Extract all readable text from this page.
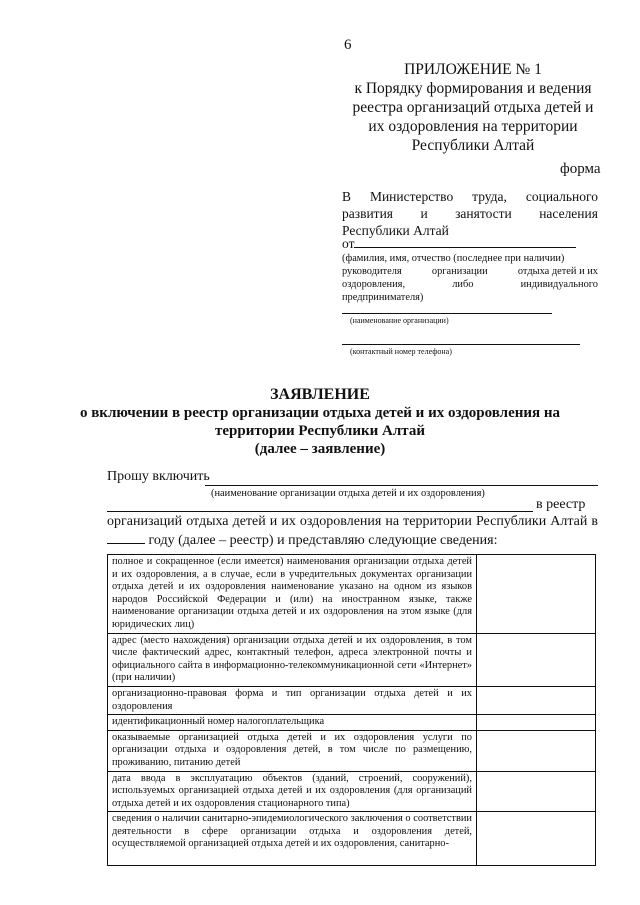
6
ПРИЛОЖЕНИЕ № 1
к Порядку формирования и ведения
реестра организаций отдыха детей и
их оздоровления на территории
Республики Алтай
форма
В Министерство труда, социального
развития и занятости населения
Республики Алтай
от
(фамилия, имя, отчество (последнее при наличии)
руководителя	организации	отдыха детей и их
оздоровления,	либо	индивидуального
предпринимателя)
(наименование организации)
(контактный номер телефона)
ЗАЯВЛЕНИЕ
о включении в реестр организации отдыха детей и их оздоровления на
территории Республики Алтай
(далее – заявление)
Прошу включить
(наименование организации отдыха детей и их оздоровления)
в реестр
организаций отдыха детей и их оздоровления на территории Республики Алтай в
году (далее – реестр) и представляю следующие сведения:
полное и сокращенное (если имеется) наименования организации отдыха детей и их оздоровления, а в случае, если в учредительных документах организации отдыха детей и их оздоровления наименование указано на одном из языков народов Российской Федерации и (или) на иностранном языке, также наименование организации отдыха детей и их оздоровления на этом языке (для юридических лиц)	
адрес (место нахождения) организации отдыха детей и их оздоровления, в том числе фактический адрес, контактный телефон, адреса электронной почты и официального сайта в информационно-телекоммуникационной сети «Интернет» (при наличии)	
организационно-правовая форма и тип организации отдыха детей и их оздоровления	
идентификационный номер налогоплательщика	
оказываемые организацией отдыха детей и их оздоровления услуги по организации отдыха и оздоровления детей, в том числе по размещению, проживанию, питанию детей	
дата ввода в эксплуатацию объектов (зданий, строений, сооружений), используемых организацией отдыха детей и их оздоровления (для организаций отдыха детей и их оздоровления стационарного типа)	

сведения о наличии санитарно-эпидемиологического заключения о соответствии деятельности в сфере организации отдыха и оздоровления детей, осуществляемой организацией отдыха детей и их оздоровления, санитарно-	
